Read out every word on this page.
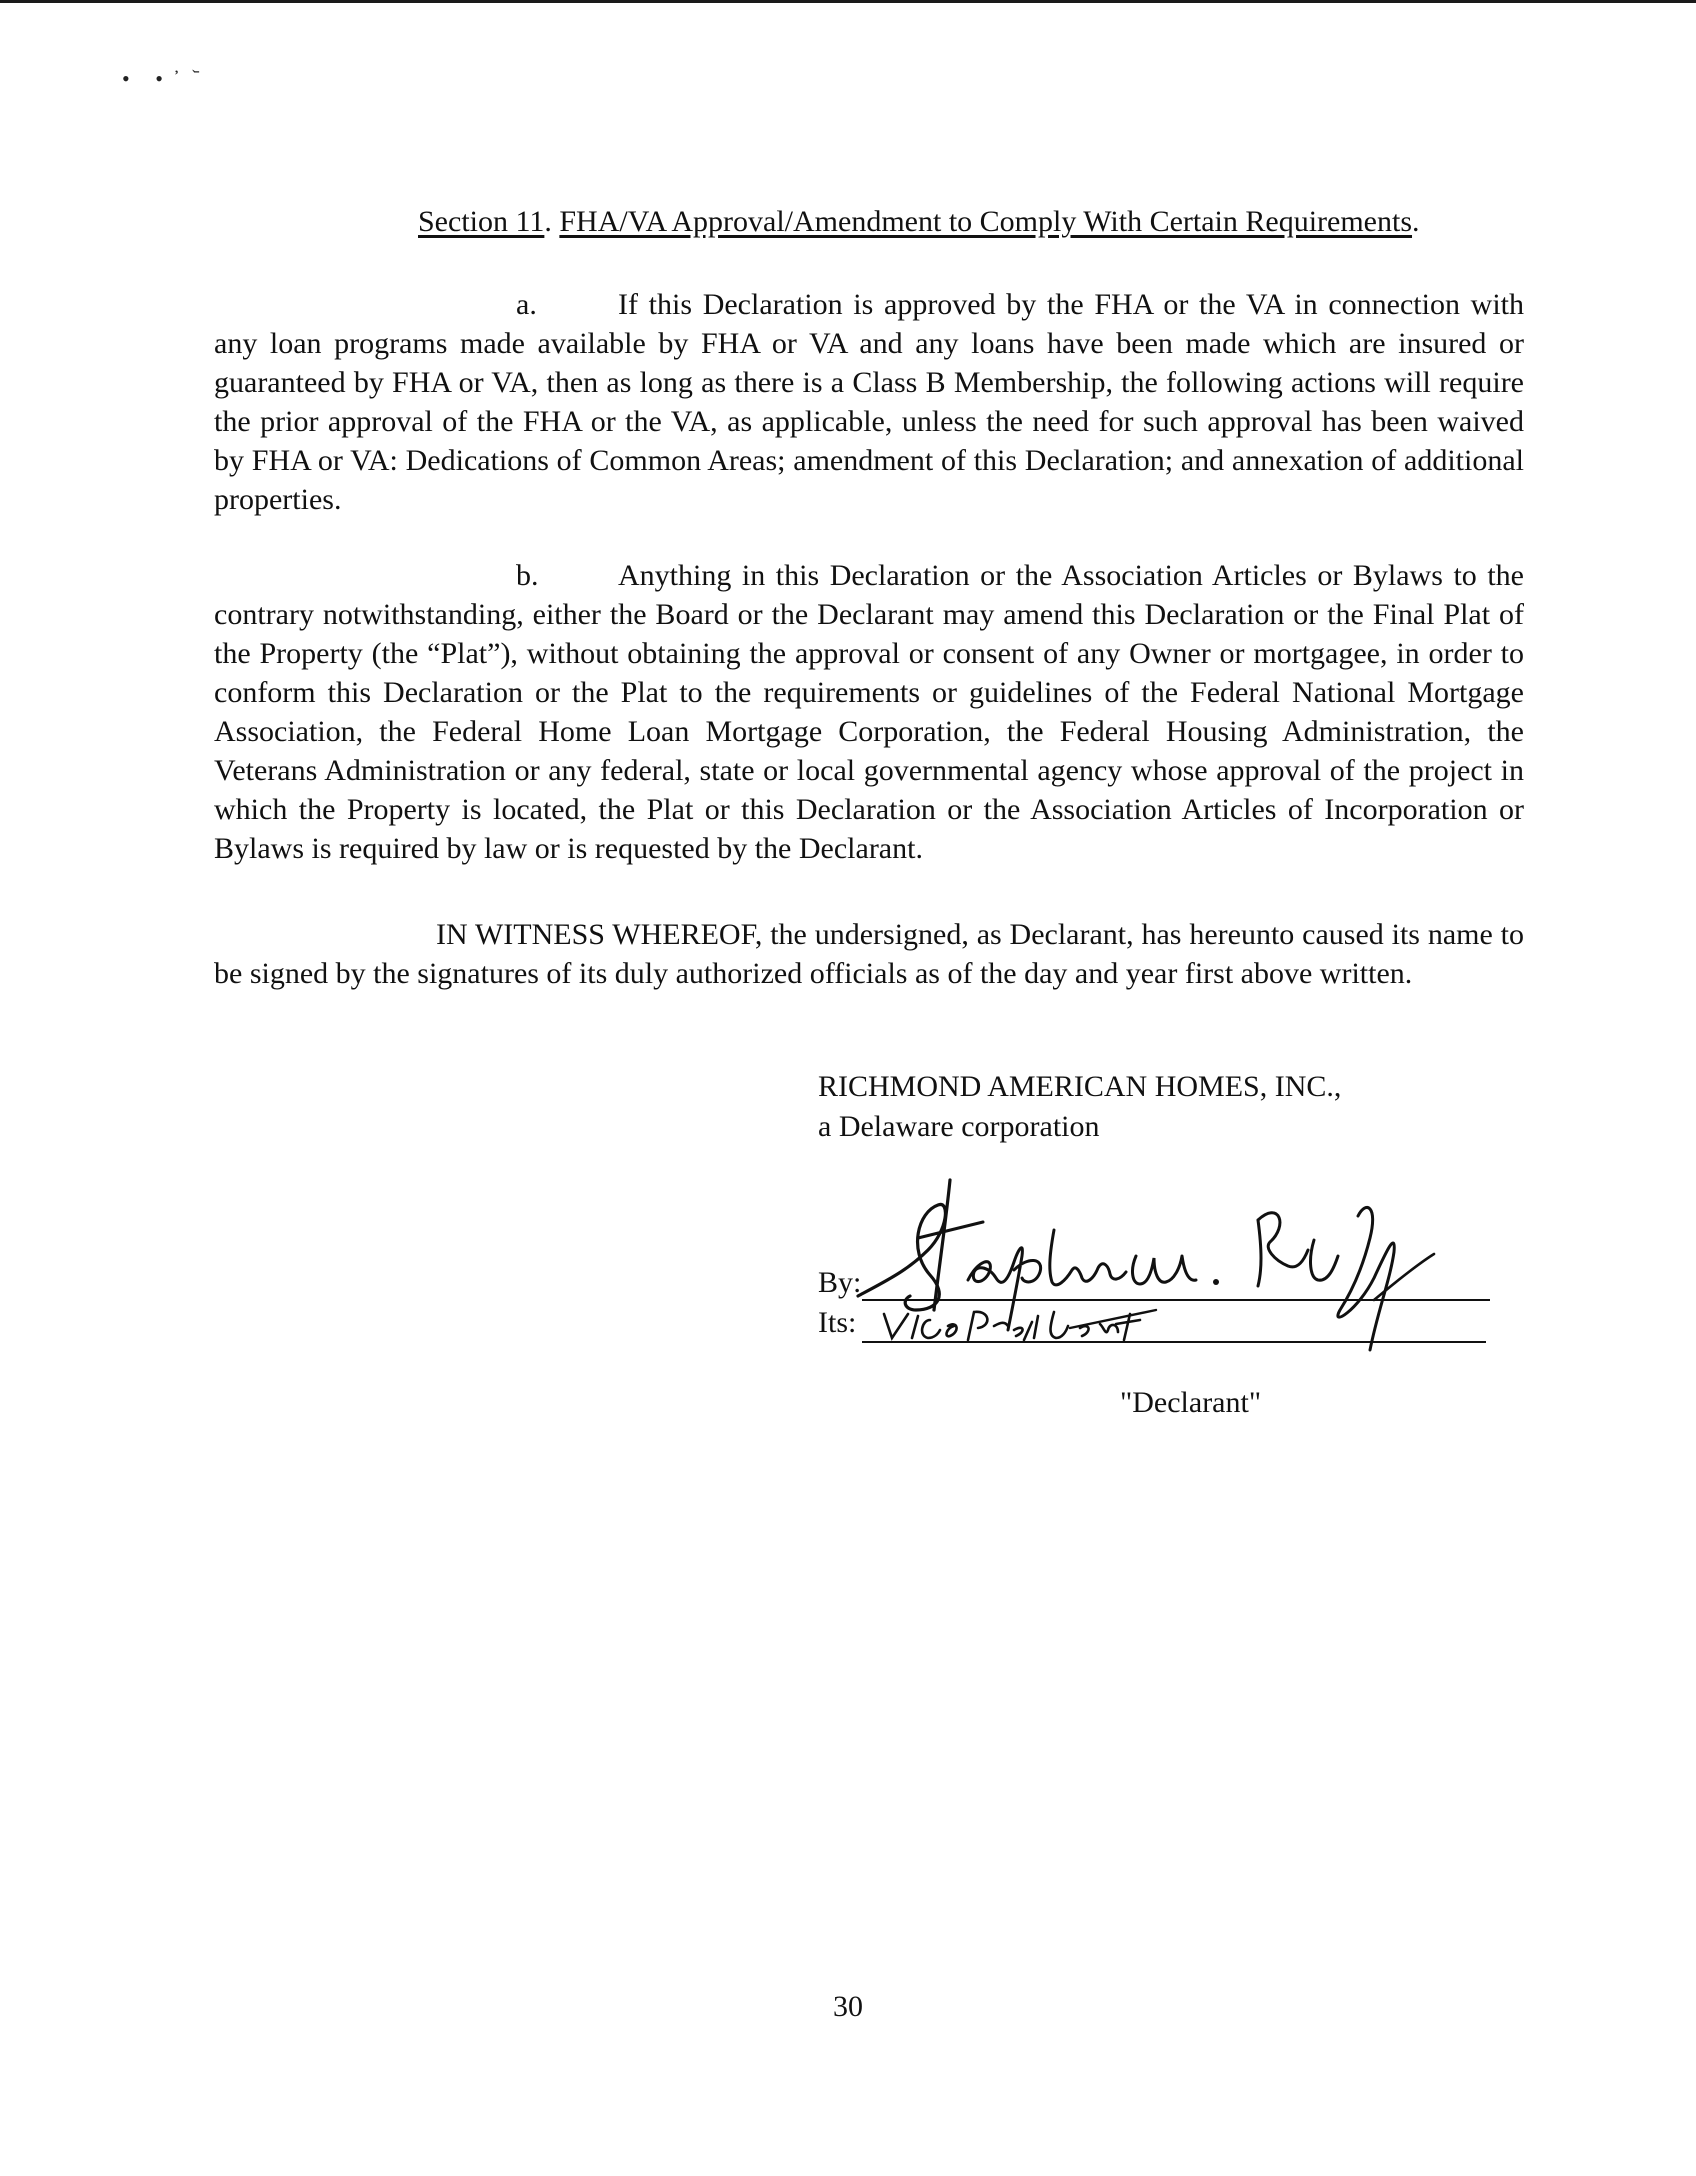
• •᾽ ᷅
Section 11. FHA/VA Approval/Amendment to Comply With Certain Requirements.

a.	If this Declaration is approved by the FHA or the VA in connection with any loan programs made available by FHA or VA and any loans have been made which are insured or guaranteed by FHA or VA, then as long as there is a Class B Membership, the following actions will require the prior approval of the FHA or the VA, as applicable, unless the need for such approval has been waived by FHA or VA: Dedications of Common Areas; amendment of this Declaration; and annexation of additional properties.

b.	Anything in this Declaration or the Association Articles or Bylaws to the contrary notwithstanding, either the Board or the Declarant may amend this Declaration or the Final Plat of the Property (the “Plat”), without obtaining the approval or consent of any Owner or mortgagee, in order to conform this Declaration or the Plat to the requirements or guidelines of the Federal National Mortgage Association, the Federal Home Loan Mortgage Corporation, the Federal Housing Administration, the Veterans Administration or any federal, state or local governmental agency whose approval of the project in which the Property is located, the Plat or this Declaration or the Association Articles of Incorporation or Bylaws is required by law or is requested by the Declarant.

IN WITNESS WHEREOF, the undersigned, as Declarant, has hereunto caused its name to be signed by the signatures of its duly authorized officials as of the day and year first above written.

RICHMOND AMERICAN HOMES, INC.,
a Delaware corporation
By:
Its:
"Declarant"
30
